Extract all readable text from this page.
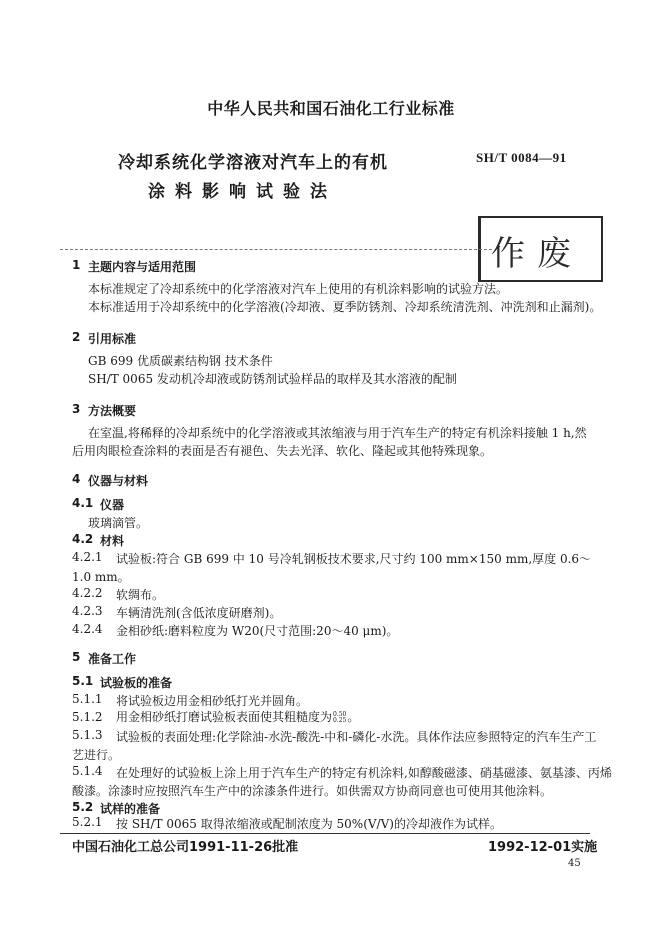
中华人民共和国石油化工行业标准
冷却系统化学溶液对汽车上的有机
涂料影响试验法
SH/T 0084—91
作废
1 主题内容与适用范围
本标准规定了冷却系统中的化学溶液对汽车上使用的有机涂料影响的试验方法。
本标准适用于冷却系统中的化学溶液(冷却液、夏季防锈剂、冷却系统清洗剂、冲洗剂和止漏剂)。
2 引用标准
GB 699 优质碳素结构钢 技术条件
SH/T 0065 发动机冷却液或防锈剂试验样品的取样及其水溶液的配制
3 方法概要
在室温,将稀释的冷却系统中的化学溶液或其浓缩液与用于汽车生产的特定有机涂料接触 1 h,然
后用肉眼检查涂料的表面是否有褪色、失去光泽、软化、隆起或其他特殊现象。
4 仪器与材料
4.1 仪器
玻璃滴管。
4.2 材料
4.2.1 试验板:符合 GB 699 中 10 号冷轧钢板技术要求,尺寸约 100 mm×150 mm,厚度 0.6～
1.0 mm。
4.2.2 软绸布。
4.2.3 车辆清洗剂(含低浓度研磨剂)。
4.2.4 金相砂纸:磨料粒度为 W20(尺寸范围:20～40 μm)。
5 准备工作
5.1 试验板的准备
5.1.1 将试验板边用金相砂纸打光并圆角。
5.1.2 用金相砂纸打磨试验板表面使其粗糙度为 0.50
0.25 。
5.1.3 试验板的表面处理:化学除油-水洗-酸洗-中和-磷化-水洗。具体作法应参照特定的汽车生产工
艺进行。
5.1.4 在处理好的试验板上涂上用于汽车生产的特定有机涂料,如醇酸磁漆、硝基磁漆、氨基漆、丙烯
酸漆。涂漆时应按照汽车生产中的涂漆条件进行。如供需双方协商同意也可使用其他涂料。
5.2 试样的准备
5.2.1 按 SH/T 0065 取得浓缩液或配制浓度为 50%(V/V)的冷却液作为试样。
中国石油化工总公司1991-11-26批准	1992-12-01实施
45
